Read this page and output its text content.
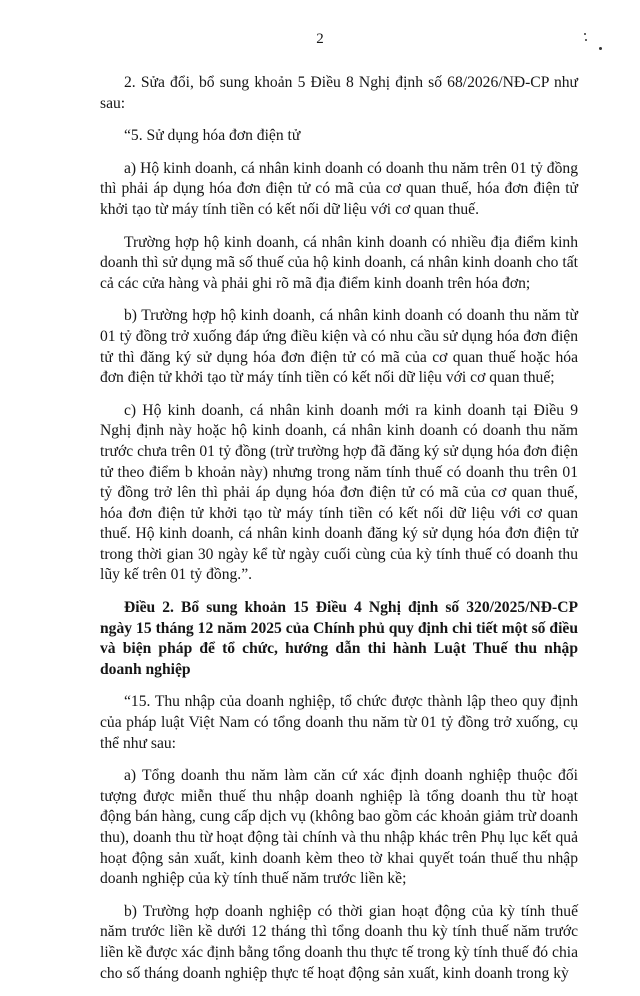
2

2. Sửa đổi, bổ sung khoản 5 Điều 8 Nghị định số 68/2026/NĐ-CP như sau:

“5. Sử dụng hóa đơn điện tử

a) Hộ kinh doanh, cá nhân kinh doanh có doanh thu năm trên 01 tỷ đồng thì phải áp dụng hóa đơn điện tử có mã của cơ quan thuế, hóa đơn điện tử khởi tạo từ máy tính tiền có kết nối dữ liệu với cơ quan thuế.

Trường hợp hộ kinh doanh, cá nhân kinh doanh có nhiều địa điểm kinh doanh thì sử dụng mã số thuế của hộ kinh doanh, cá nhân kinh doanh cho tất cả các cửa hàng và phải ghi rõ mã địa điểm kinh doanh trên hóa đơn;

b) Trường hợp hộ kinh doanh, cá nhân kinh doanh có doanh thu năm từ 01 tỷ đồng trở xuống đáp ứng điều kiện và có nhu cầu sử dụng hóa đơn điện tử thì đăng ký sử dụng hóa đơn điện tử có mã của cơ quan thuế hoặc hóa đơn điện tử khởi tạo từ máy tính tiền có kết nối dữ liệu với cơ quan thuế;

c) Hộ kinh doanh, cá nhân kinh doanh mới ra kinh doanh tại Điều 9 Nghị định này hoặc hộ kinh doanh, cá nhân kinh doanh có doanh thu năm trước chưa trên 01 tỷ đồng (trừ trường hợp đã đăng ký sử dụng hóa đơn điện tử theo điểm b khoản này) nhưng trong năm tính thuế có doanh thu trên 01 tỷ đồng trở lên thì phải áp dụng hóa đơn điện tử có mã của cơ quan thuế, hóa đơn điện tử khởi tạo từ máy tính tiền có kết nối dữ liệu với cơ quan thuế. Hộ kinh doanh, cá nhân kinh doanh đăng ký sử dụng hóa đơn điện tử trong thời gian 30 ngày kể từ ngày cuối cùng của kỳ tính thuế có doanh thu lũy kế trên 01 tỷ đồng.”.

Điều 2. Bổ sung khoản 15 Điều 4 Nghị định số 320/2025/NĐ-CP ngày 15 tháng 12 năm 2025 của Chính phủ quy định chi tiết một số điều và biện pháp để tổ chức, hướng dẫn thi hành Luật Thuế thu nhập doanh nghiệp

“15. Thu nhập của doanh nghiệp, tổ chức được thành lập theo quy định của pháp luật Việt Nam có tổng doanh thu năm từ 01 tỷ đồng trở xuống, cụ thể như sau:

a) Tổng doanh thu năm làm căn cứ xác định doanh nghiệp thuộc đối tượng được miễn thuế thu nhập doanh nghiệp là tổng doanh thu từ hoạt động bán hàng, cung cấp dịch vụ (không bao gồm các khoản giảm trừ doanh thu), doanh thu từ hoạt động tài chính và thu nhập khác trên Phụ lục kết quả hoạt động sản xuất, kinh doanh kèm theo tờ khai quyết toán thuế thu nhập doanh nghiệp của kỳ tính thuế năm trước liền kề;

b) Trường hợp doanh nghiệp có thời gian hoạt động của kỳ tính thuế năm trước liền kề dưới 12 tháng thì tổng doanh thu kỳ tính thuế năm trước liền kề được xác định bằng tổng doanh thu thực tế trong kỳ tính thuế đó chia cho số tháng doanh nghiệp thực tế hoạt động sản xuất, kinh doanh trong kỳ
